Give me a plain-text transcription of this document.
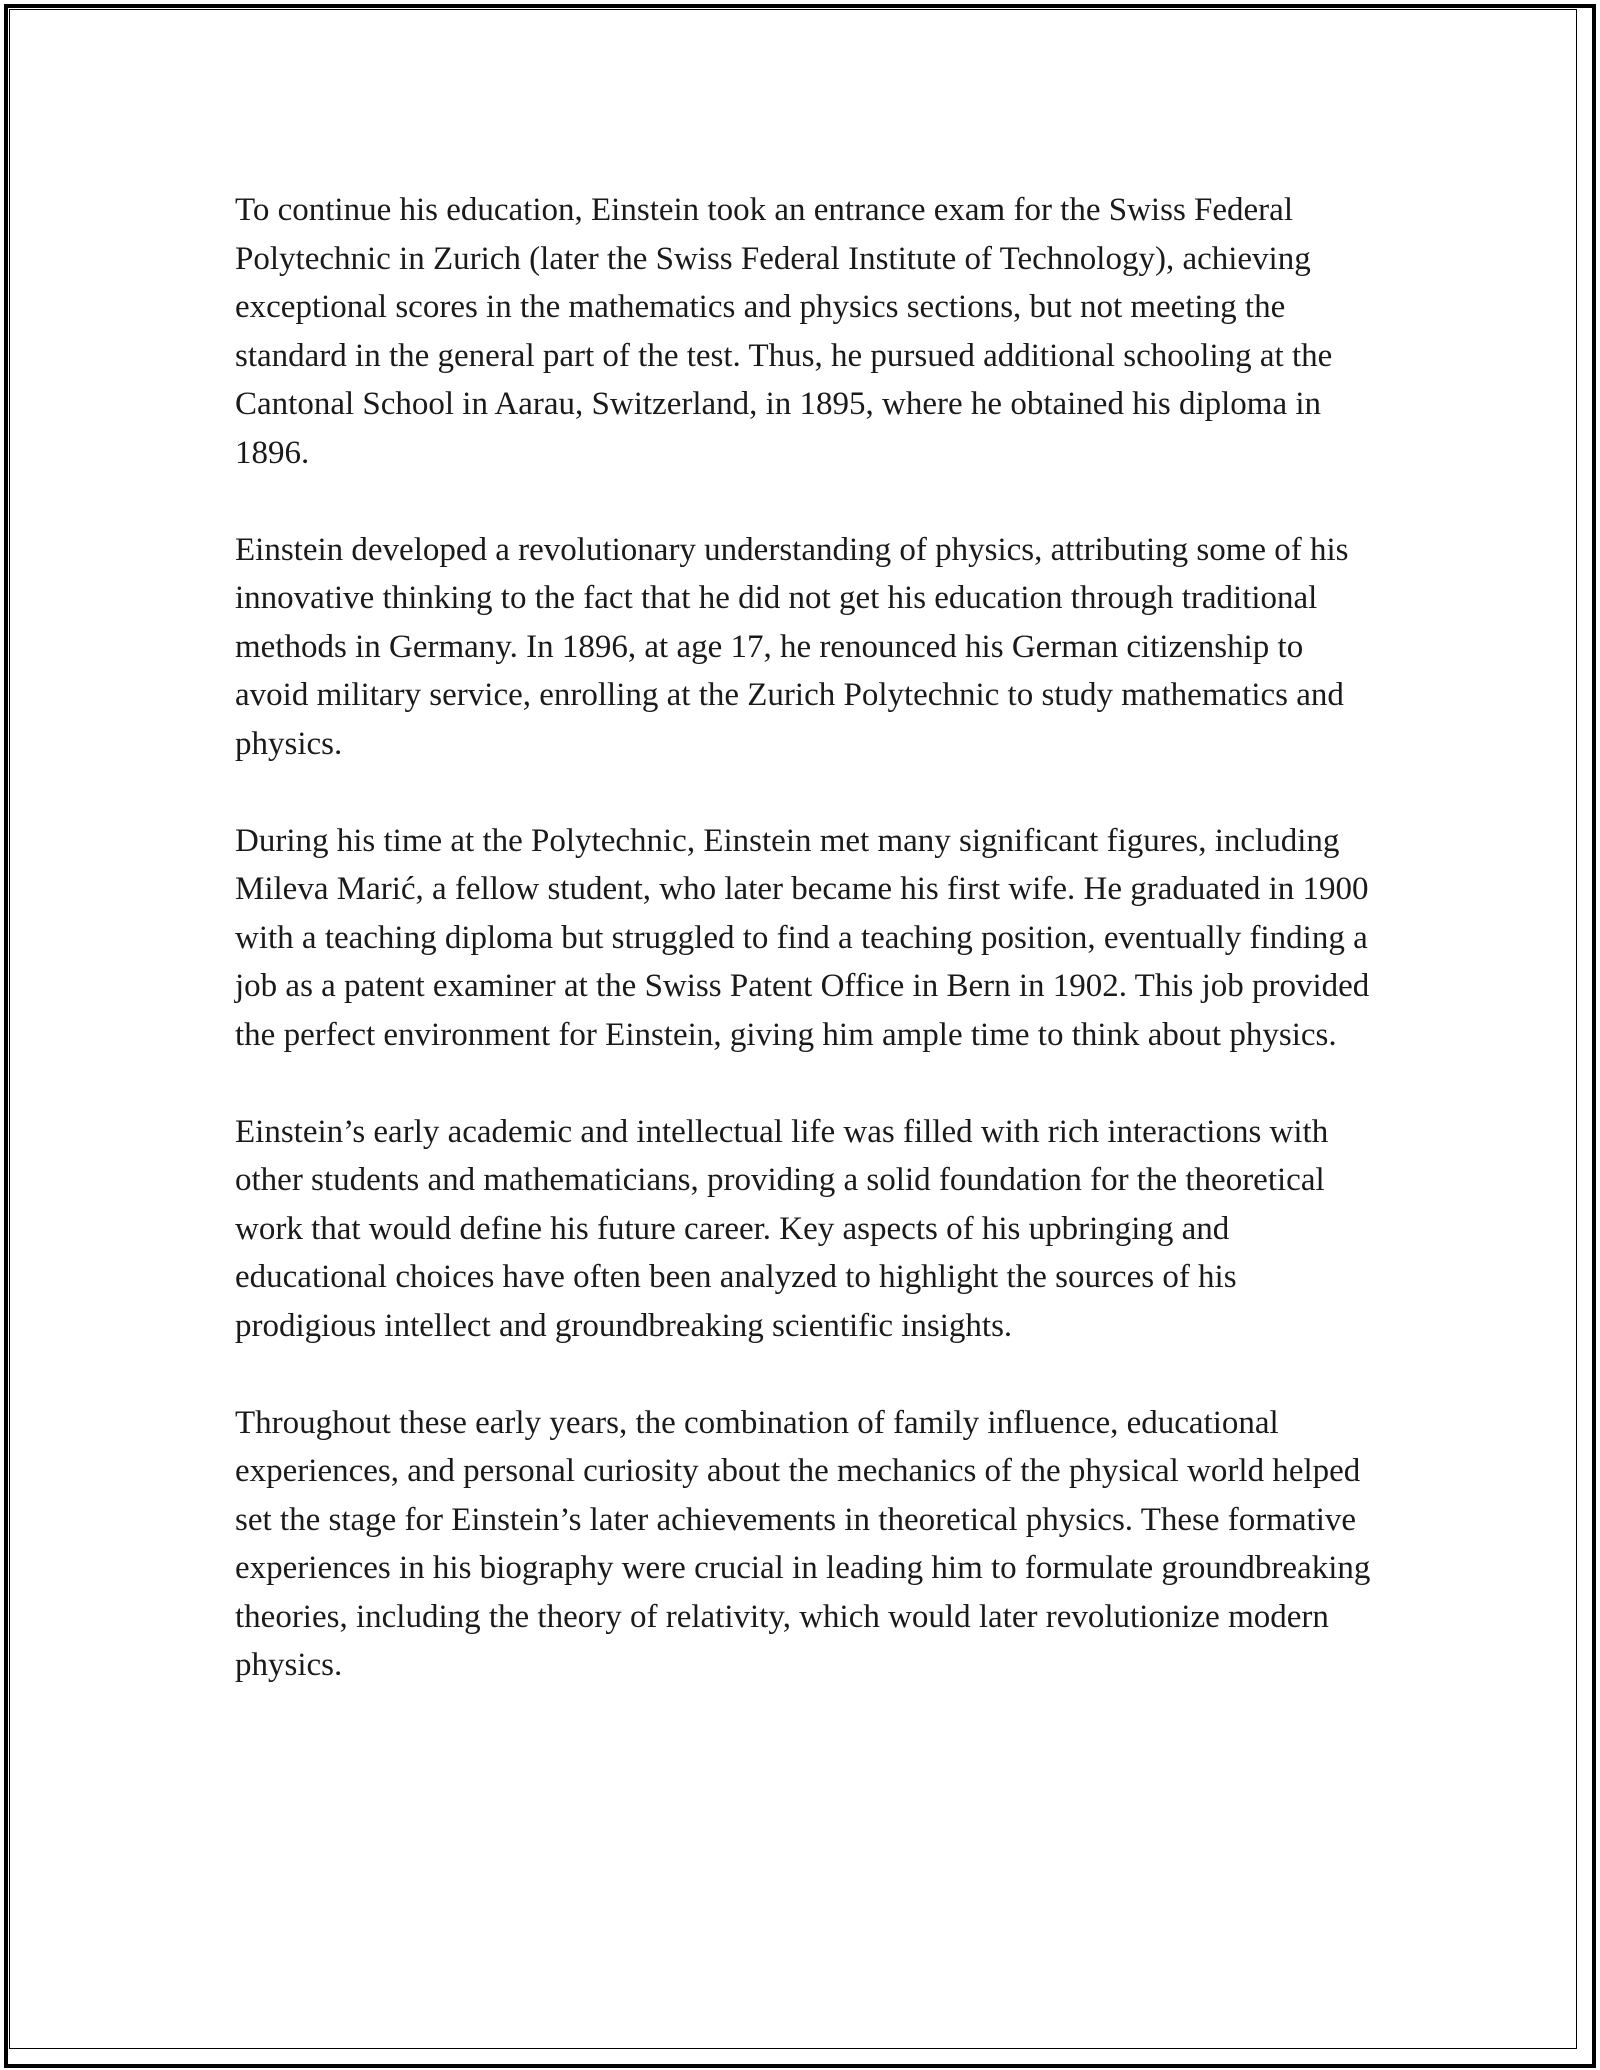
To continue his education, Einstein took an entrance exam for the Swiss Federal Polytechnic in Zurich (later the Swiss Federal Institute of Technology), achieving exceptional scores in the mathematics and physics sections, but not meeting the standard in the general part of the test. Thus, he pursued additional schooling at the Cantonal School in Aarau, Switzerland, in 1895, where he obtained his diploma in 1896.

Einstein developed a revolutionary understanding of physics, attributing some of his innovative thinking to the fact that he did not get his education through traditional methods in Germany. In 1896, at age 17, he renounced his German citizenship to avoid military service, enrolling at the Zurich Polytechnic to study mathematics and physics.

During his time at the Polytechnic, Einstein met many significant figures, including Mileva Marić, a fellow student, who later became his first wife. He graduated in 1900 with a teaching diploma but struggled to find a teaching position, eventually finding a job as a patent examiner at the Swiss Patent Office in Bern in 1902. This job provided the perfect environment for Einstein, giving him ample time to think about physics.

Einstein’s early academic and intellectual life was filled with rich interactions with other students and mathematicians, providing a solid foundation for the theoretical work that would define his future career. Key aspects of his upbringing and educational choices have often been analyzed to highlight the sources of his prodigious intellect and groundbreaking scientific insights.

Throughout these early years, the combination of family influence, educational experiences, and personal curiosity about the mechanics of the physical world helped set the stage for Einstein’s later achievements in theoretical physics. These formative experiences in his biography were crucial in leading him to formulate groundbreaking theories, including the theory of relativity, which would later revolutionize modern physics.
